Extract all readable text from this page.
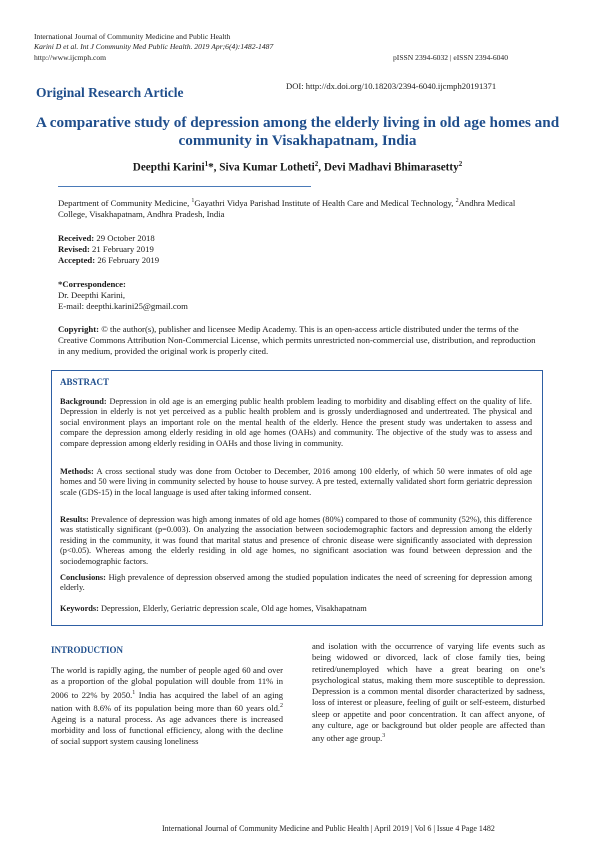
International Journal of Community Medicine and Public Health
Karini D et al. Int J Community Med Public Health. 2019 Apr;6(4):1482-1487
http://www.ijcmph.com	pISSN 2394-6032 | eISSN 2394-6040
DOI: http://dx.doi.org/10.18203/2394-6040.ijcmph20191371
Original Research Article
A comparative study of depression among the elderly living in old age homes and community in Visakhapatnam, India
Deepthi Karini$^1$*, Siva Kumar Lotheti$^2$, Devi Madhavi Bhimarasetty$^2$
Department of Community Medicine, $^1$Gayathri Vidya Parishad Institute of Health Care and Medical Technology, $^2$Andhra Medical College, Visakhapatnam, Andhra Pradesh, India
Received: 29 October 2018
Revised: 21 February 2019
Accepted: 26 February 2019
*Correspondence:
Dr. Deepthi Karini,
E-mail: deepthi.karini25@gmail.com
Copyright: © the author(s), publisher and licensee Medip Academy. This is an open-access article distributed under the terms of the Creative Commons Attribution Non-Commercial License, which permits unrestricted non-commercial use, distribution, and reproduction in any medium, provided the original work is properly cited.
ABSTRACT
Background: Depression in old age is an emerging public health problem leading to morbidity and disabling effect on the quality of life. Depression in elderly is not yet perceived as a public health problem and is grossly underdiagnosed and undertreated. The physical and social environment plays an important role on the mental health of the elderly. Hence the present study was undertaken to assess and compare the depression among elderly residing in old age homes (OAHs) and community. The objective of the study was to assess and compare depression among elderly residing in OAHs and those living in community.
Methods: A cross sectional study was done from October to December, 2016 among 100 elderly, of which 50 were inmates of old age homes and 50 were living in community selected by house to house survey. A pre tested, externally validated short form geriatric depression scale (GDS-15) in the local language is used after taking informed consent.
Results: Prevalence of depression was high among inmates of old age homes (80%) compared to those of community (52%), this difference was statistically significant (p=0.003). On analyzing the association between sociodemographic factors and depression among the elderly residing in the community, it was found that marital status and presence of chronic disease were significantly associated with depression (p<0.05). Whereas among the elderly residing in old age homes, no significant asociation was found between depression and the sociodemographic factors.
Conclusions: High prevalence of depression observed among the studied population indicates the need of screening for depression among elderly.
Keywords: Depression, Elderly, Geriatric depression scale, Old age homes, Visakhapatnam
INTRODUCTION
The world is rapidly aging, the number of people aged 60 and over as a proportion of the global population will double from 11% in 2006 to 22% by 2050.$^1$ India has acquired the label of an aging nation with 8.6% of its population being more than 60 years old.$^2$ Ageing is a natural process. As age advances there is increased morbidity and loss of functional efficiency, along with the decline of social support system causing loneliness
and isolation with the occurrence of varying life events such as being widowed or divorced, lack of close family ties, being retired/unemployed which have a great bearing on one’s psychological status, making them more susceptible to depression. Depression is a common mental disorder characterized by sadness, loss of interest or pleasure, feeling of guilt or self-esteem, disturbed sleep or appetite and poor concentration. It can affect anyone, of any culture, age or background but older people are affected than any other age group.$^3$
International Journal of Community Medicine and Public Health | April 2019 | Vol 6 | Issue 4 Page 1482
